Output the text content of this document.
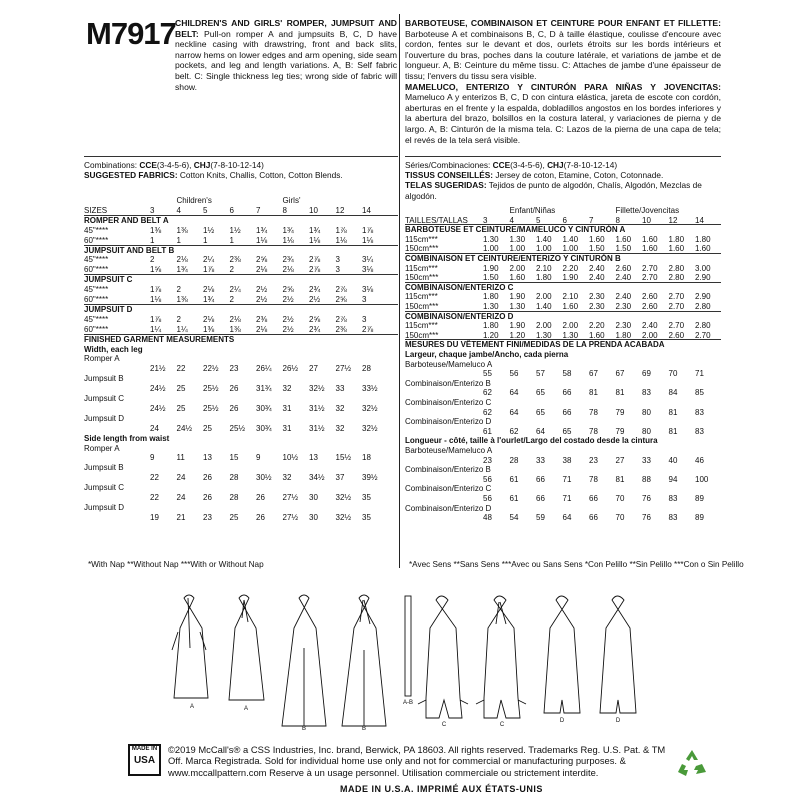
M7917 CHILDREN'S AND GIRLS' ROMPER, JUMPSUIT AND BELT: Pull-on romper A and jumpsuits B, C, D have neckline casing with drawstring, front and back slits, narrow hems on lower edges and arm opening, side seam pockets, and leg and length variations. A, B: Self fabric belt. C: Single thickness leg ties; wrong side of fabric will show.
BARBOTEUSE, COMBINAISON ET CEINTURE POUR ENFANT ET FILLETTE: Barboteuse A et combinaisons B, C, D à taille élastique, coulisse d'encoure avec cordon, fentes sur le devant et dos, ourlets étroits sur les bords intérieurs et l'ouverture du bras, poches dans la couture latérale, et variations de jambe et de longueur. A, B: Ceinture du même tissu. C: Attaches de jambe d'une épaisseur de tissu; l'envers du tissu sera visible.
MAMELUCO, ENTERIZO Y CINTURÓN PARA NIÑAS Y JOVENCITAS: Mameluco A y enterizos B, C, D con cintura elástica, jareta de escote con cordón, aberturas en el frente y la espalda, dobladillos angostos en los bordes inferiores y la abertura del brazo, bolsillos en la costura lateral, y variaciones de pierna y de largo. A, B: Cinturón de la misma tela. C: Lazos de la pierna de una capa de tela; el revés de la tela será visible.
Combinations: CCE(3-4-5-6), CHJ(7-8-10-12-14)
SUGGESTED FABRICS: Cotton Knits, Challis, Cotton, Cotton Blends.
Séries/Combinaciones: CCE(3-4-5-6), CHJ(7-8-10-12-14)
TISSUS CONSEILLÉS: Jersey de coton, Etamine, Coton, Cotonnade.
TELAS SUGERIDAS: Tejidos de punto de algodón, Chalís, Algodón, Mezclas de algodón.
Children's	Girls'
SIZES	3	4	5	6	7	8	10 12 14
ROMPER AND BELT A
45"****	1⅜ 1⅜ 1½ 1½ 1¾ 1¾ 1¾ 1⅞ 1⅞
60"****	1	1	1	1	1⅛ 1⅛ 1⅛ 1⅛ 1⅛
JUMPSUIT AND BELT B
45"****	2	2⅛ 2¼ 2⅜ 2⅝ 2¾ 2⅞ 3	3¼
60"****	1⅝ 1¾ 1⅞ 2	2⅛ 2⅛ 2⅞ 3	3⅛
JUMPSUIT C
45"****	1⅞ 2	2⅛ 2¼ 2½ 2⅝ 2¾ 2⅞ 3⅛
60"****	1⅛ 1⅜ 1¾ 2	2½ 2½ 2½ 2⅝ 3
JUMPSUIT D
45"****	1⅞ 2	2⅛ 2⅛ 2⅜ 2½ 2⅝ 2⅞ 3
60"****	1¼ 1¼ 1⅜ 1⅜ 2⅛ 2½ 2¾ 2⅜ 2⅞
FINISHED GARMENT MEASUREMENTS
Width, each leg
Romper A
21½ 22 22½ 23 26¼ 26½ 27 27½ 28
Jumpsuit B
24½ 25 25½ 26 31¾ 32 32½ 33 33½
Jumpsuit C
24½ 25 25½ 26 30¾ 31 31½ 32 32½
Jumpsuit D
24 24½ 25 25½ 30¾ 31 31½ 32 32½
Side length from waist
Romper A
9	11 13 15 9	10½ 13 15½ 18
Jumpsuit B
22 24 26 28 30½ 32 34½ 37 39½
Jumpsuit C
22 24 26 28 26 27½ 30 32½ 35
Jumpsuit D
19 21 23 25 26 27½ 30 32½ 35
Enfant/Niñas	Fillette/Jovencitas
TAILLES/TALLAS 3	4	5	6	7	8	10 12 14
BARBOTEUSE ET CEINTURE/MAMELUCO Y CINTURÓN A
115cm***	1.30 1.30 1.40 1.40 1.60 1.60 1.60 1.80 1.80
150cm***	1.00 1.00 1.00 1.00 1.50 1.50 1.60 1.60 1.60
COMBINAISON ET CEINTURE/ENTERIZO Y CINTURÓN B
115cm***	1.90 2.00 2.10 2.20 2.40 2.60 2.70 2.80 3.00
150cm***	1.50 1.60 1.80 1.90 2.40 2.40 2.70 2.80 2.90
COMBINAISON/ENTERIZO C
115cm***	1.80 1.90 2.00 2.10 2.30 2.40 2.60 2.70 2.90
150cm***	1.30 1.30 1.40 1.60 2.30 2.30 2.60 2.70 2.80
COMBINAISON/ENTERIZO D
115cm***	1.80 1.90 2.00 2.00 2.20 2.30 2.40 2.70 2.80
150cm***	1.20 1.20 1.30 1.30 1.60 1.80 2.00 2.60 2.70
MESURES DU VÊTEMENT FINI/MEDIDAS DE LA PRENDA ACABADA
Largeur, chaque jambe/Ancho, cada pierna
Barboteuse/Mameluco A
55 56 57 58 67 67 69 70 71
Combinaison/Enterizo B
62 64 65 66 81 81 83 84 85
Combinaison/Enterizo C
62 64 65 66 78 79 80 81 83
Combinaison/Enterizo D
61 62 64 65 78 79 80 81 83
Longueur - côté, taille à l'ourlet/Largo del costado desde la cintura
Barboteuse/Mameluco A
23 28 33 38 23 27 33 40 46
Combinaison/Enterizo B
56 61 66 71 78 81 88 94 100
Combinaison/Enterizo C
56 61 66 71 66 70 76 83 89
Combinaison/Enterizo D
48 54 59 64 66 70 76 83 89
*With Nap **Without Nap ***With or Without Nap	*Avec Sens **Sans Sens ***Avec ou Sans Sens *Con Pelillo **Sin Pelillo ***Con o Sin Pelillo
A	A
B
A-B
B
C	C
D	D
MADE IN
USA
©2019 McCall's® a CSS Industries, Inc. brand, Berwick, PA 18603. All rights reserved. Trademarks Reg. U.S. Pat. & TM Off. Marca Registrada. Sold for individual home use only and not for commercial or manufacturing purposes. & www.mccallpattern.com Reserve à un usage personnel. Utilisation commerciale ou strictement interdite.
MADE IN U.S.A. IMPRIMÉ AUX ÉTATS-UNIS
